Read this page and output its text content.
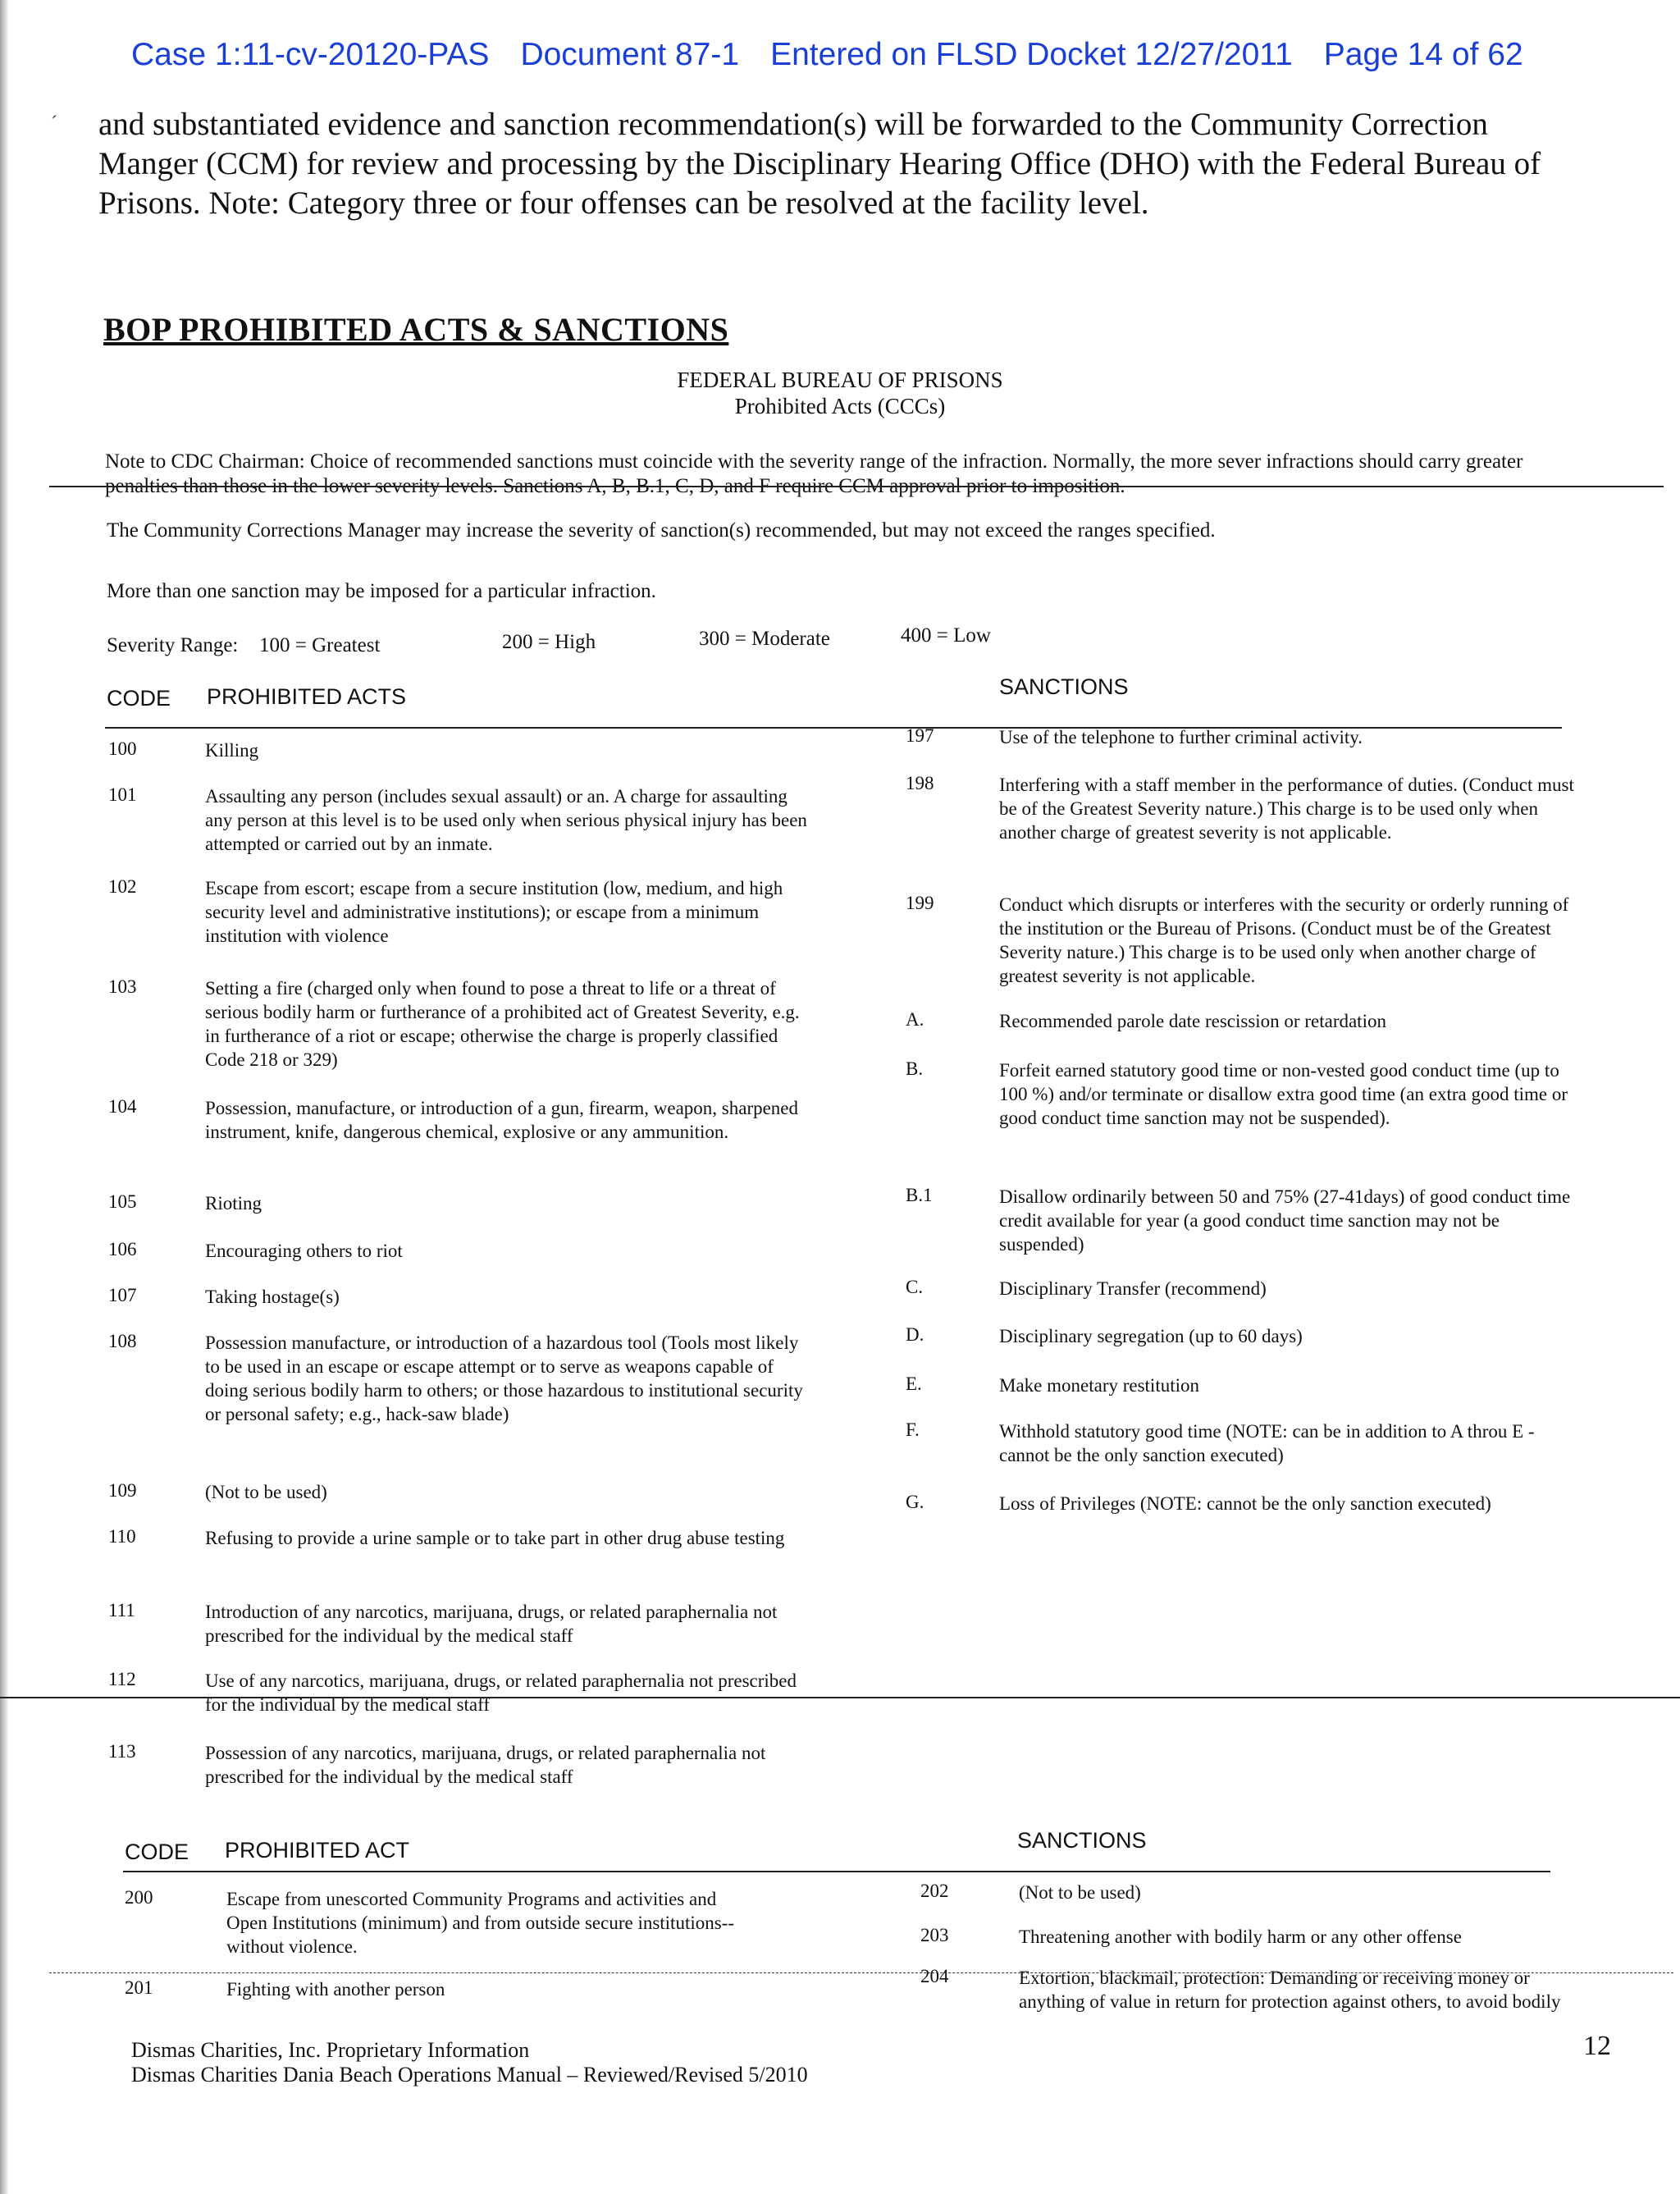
Case 1:11-cv-20120-PAS Document 87-1 Entered on FLSD Docket 12/27/2011 Page 14 of 62
ˊ and substantiated evidence and sanction recommendation(s) will be forwarded to the Community Correction Manger (CCM) for review and processing by the Disciplinary Hearing Office (DHO) with the Federal Bureau of Prisons. Note: Category three or four offenses can be resolved at the facility level.
BOP PROHIBITED ACTS & SANCTIONS
FEDERAL BUREAU OF PRISONS
Prohibited Acts (CCCs)
Note to CDC Chairman: Choice of recommended sanctions must coincide with the severity range of the infraction. Normally, the more sever infractions should carry greater penalties than those in the lower severity levels. Sanctions A, B, B.1, C, D, and F require CCM approval prior to imposition.
The Community Corrections Manager may increase the severity of sanction(s) recommended, but may not exceed the ranges specified.
More than one sanction may be imposed for a particular infraction.
Severity Range: 100 = Greatest	200 = High	300 = Moderate	400 = Low
CODE PROHIBITED ACTS	SANCTIONS
100	Killing
101	Assaulting any person (includes sexual assault) or an. A charge for assaulting any person at this level is to be used only when serious physical injury has been attempted or carried out by an inmate.
102	Escape from escort; escape from a secure institution (low, medium, and high security level and administrative institutions); or escape from a minimum institution with violence
103	Setting a fire (charged only when found to pose a threat to life or a threat of serious bodily harm or furtherance of a prohibited act of Greatest Severity, e.g. in furtherance of a riot or escape; otherwise the charge is properly classified Code 218 or 329)
104	Possession, manufacture, or introduction of a gun, firearm, weapon, sharpened instrument, knife, dangerous chemical, explosive or any ammunition.
105	Rioting
106	Encouraging others to riot
107	Taking hostage(s)
108	Possession manufacture, or introduction of a hazardous tool (Tools most likely to be used in an escape or escape attempt or to serve as weapons capable of doing serious bodily harm to others; or those hazardous to institutional security or personal safety; e.g., hack-saw blade)
109	(Not to be used)
110	Refusing to provide a urine sample or to take part in other drug abuse testing
111	Introduction of any narcotics, marijuana, drugs, or related paraphernalia not prescribed for the individual by the medical staff
112	Use of any narcotics, marijuana, drugs, or related paraphernalia not prescribed for the individual by the medical staff
113	Possession of any narcotics, marijuana, drugs, or related paraphernalia not prescribed for the individual by the medical staff
197	Use of the telephone to further criminal activity.
198	Interfering with a staff member in the performance of duties. (Conduct must be of the Greatest Severity nature.) This charge is to be used only when another charge of greatest severity is not applicable.
199	Conduct which disrupts or interferes with the security or orderly running of the institution or the Bureau of Prisons. (Conduct must be of the Greatest Severity nature.) This charge is to be used only when another charge of greatest severity is not applicable.
A.	Recommended parole date rescission or retardation
B.	Forfeit earned statutory good time or non-vested good conduct time (up to 100 %) and/or terminate or disallow extra good time (an extra good time or good conduct time sanction may not be suspended).
B.1	Disallow ordinarily between 50 and 75% (27-41days) of good conduct time credit available for year (a good conduct time sanction may not be suspended)
C.	Disciplinary Transfer (recommend)
D.	Disciplinary segregation (up to 60 days)
E.	Make monetary restitution
F.	Withhold statutory good time (NOTE: can be in addition to A throu E - cannot be the only sanction executed)
G.	Loss of Privileges (NOTE: cannot be the only sanction executed)
CODE PROHIBITED ACT	SANCTIONS
200	Escape from unescorted Community Programs and activities and Open Institutions (minimum) and from outside secure institutions--without violence.
201	Fighting with another person
202	(Not to be used)
203	Threatening another with bodily harm or any other offense
204	Extortion, blackmail, protection: Demanding or receiving money or anything of value in return for protection against others, to avoid bodily
Dismas Charities, Inc. Proprietary Information
Dismas Charities Dania Beach Operations Manual – Reviewed/Revised 5/2010
12
